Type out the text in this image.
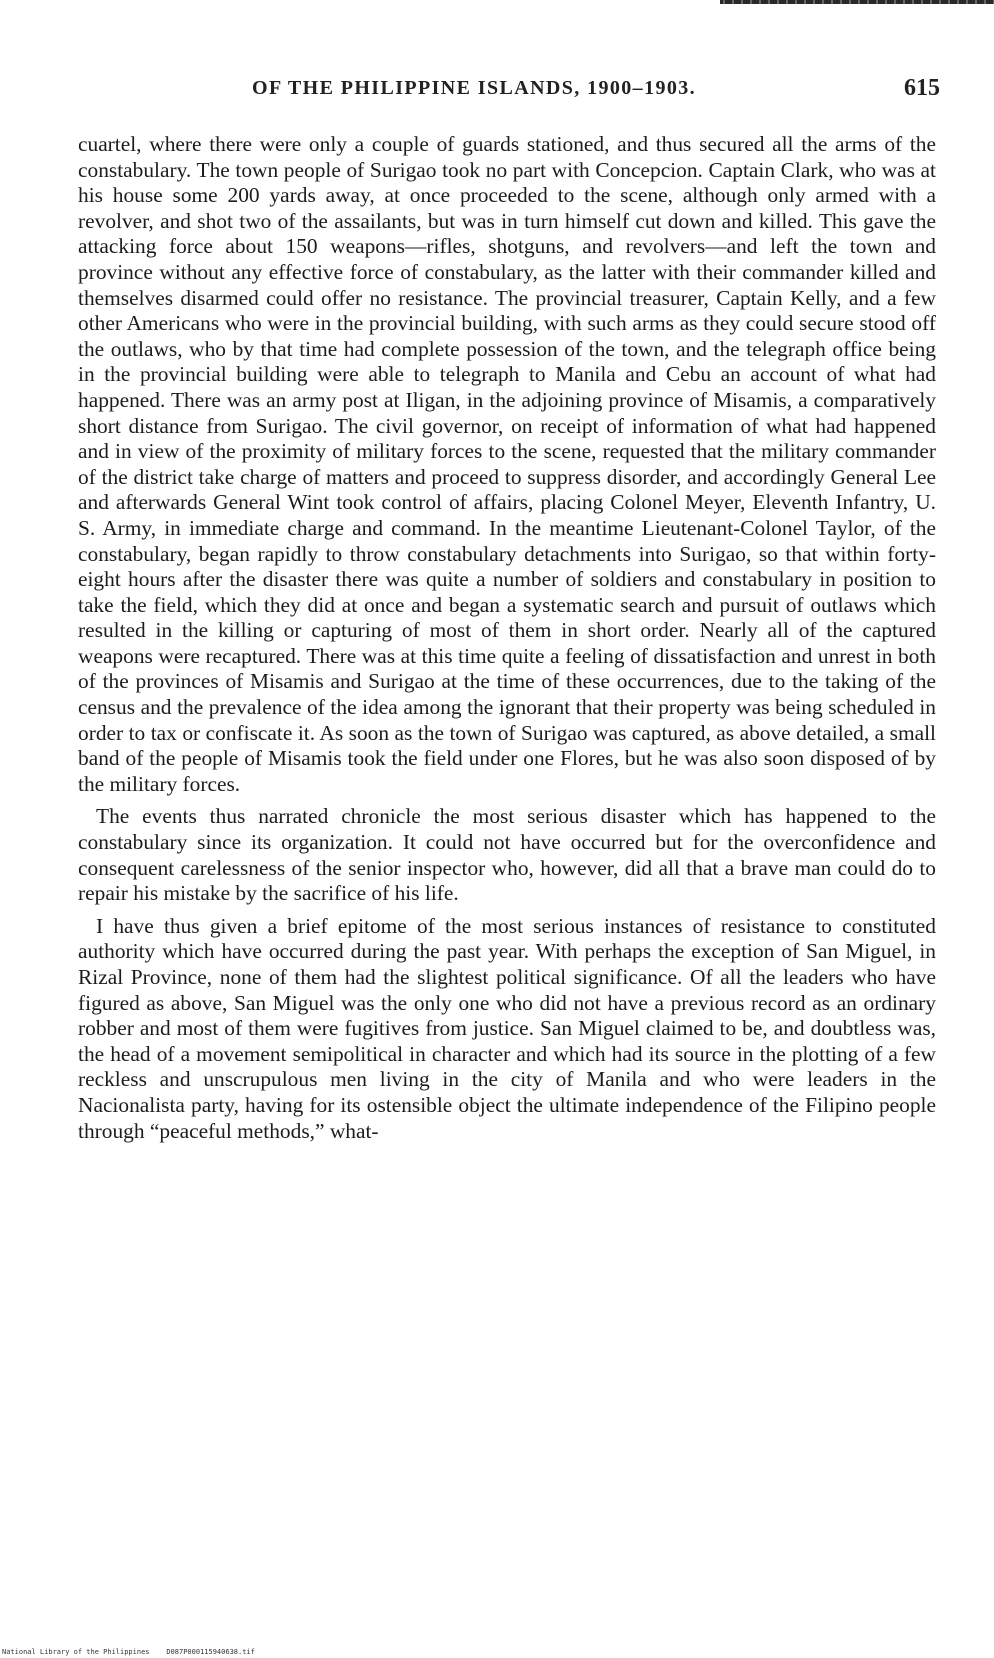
OF THE PHILIPPINE ISLANDS, 1900–1903.	615

cuartel, where there were only a couple of guards stationed, and thus secured all the arms of the constabulary. The town people of Surigao took no part with Concepcion. Captain Clark, who was at his house some 200 yards away, at once proceeded to the scene, although only armed with a revolver, and shot two of the assailants, but was in turn himself cut down and killed. This gave the attacking force about 150 weapons—rifles, shotguns, and revolvers—and left the town and province without any effective force of constabulary, as the latter with their commander killed and themselves disarmed could offer no resistance. The provincial treasurer, Captain Kelly, and a few other Americans who were in the provincial building, with such arms as they could secure stood off the outlaws, who by that time had complete possession of the town, and the telegraph office being in the provincial building were able to telegraph to Manila and Cebu an account of what had happened. There was an army post at Iligan, in the adjoining province of Misamis, a comparatively short distance from Surigao. The civil governor, on receipt of information of what had happened and in view of the proximity of military forces to the scene, requested that the military commander of the district take charge of matters and proceed to suppress disorder, and accordingly General Lee and afterwards General Wint took control of affairs, placing Colonel Meyer, Eleventh Infantry, U. S. Army, in immediate charge and command. In the meantime Lieutenant-Colonel Taylor, of the constabulary, began rapidly to throw constabulary detachments into Surigao, so that within forty-eight hours after the disaster there was quite a number of soldiers and constabulary in position to take the field, which they did at once and began a systematic search and pursuit of outlaws which resulted in the killing or capturing of most of them in short order. Nearly all of the captured weapons were recaptured. There was at this time quite a feeling of dissatisfaction and unrest in both of the provinces of Misamis and Surigao at the time of these occurrences, due to the taking of the census and the prevalence of the idea among the ignorant that their property was being scheduled in order to tax or confiscate it. As soon as the town of Surigao was captured, as above detailed, a small band of the people of Misamis took the field under one Flores, but he was also soon disposed of by the military forces.

The events thus narrated chronicle the most serious disaster which has happened to the constabulary since its organization. It could not have occurred but for the overconfidence and consequent carelessness of the senior inspector who, however, did all that a brave man could do to repair his mistake by the sacrifice of his life.

I have thus given a brief epitome of the most serious instances of resistance to constituted authority which have occurred during the past year. With perhaps the exception of San Miguel, in Rizal Province, none of them had the slightest political significance. Of all the leaders who have figured as above, San Miguel was the only one who did not have a previous record as an ordinary robber and most of them were fugitives from justice. San Miguel claimed to be, and doubtless was, the head of a movement semipolitical in character and which had its source in the plotting of a few reckless and unscrupulous men living in the city of Manila and who were leaders in the Nacionalista party, having for its ostensible object the ultimate independence of the Filipino people through “peaceful methods,” what-

National Library of the Philippines    D087P000115940638.tif
